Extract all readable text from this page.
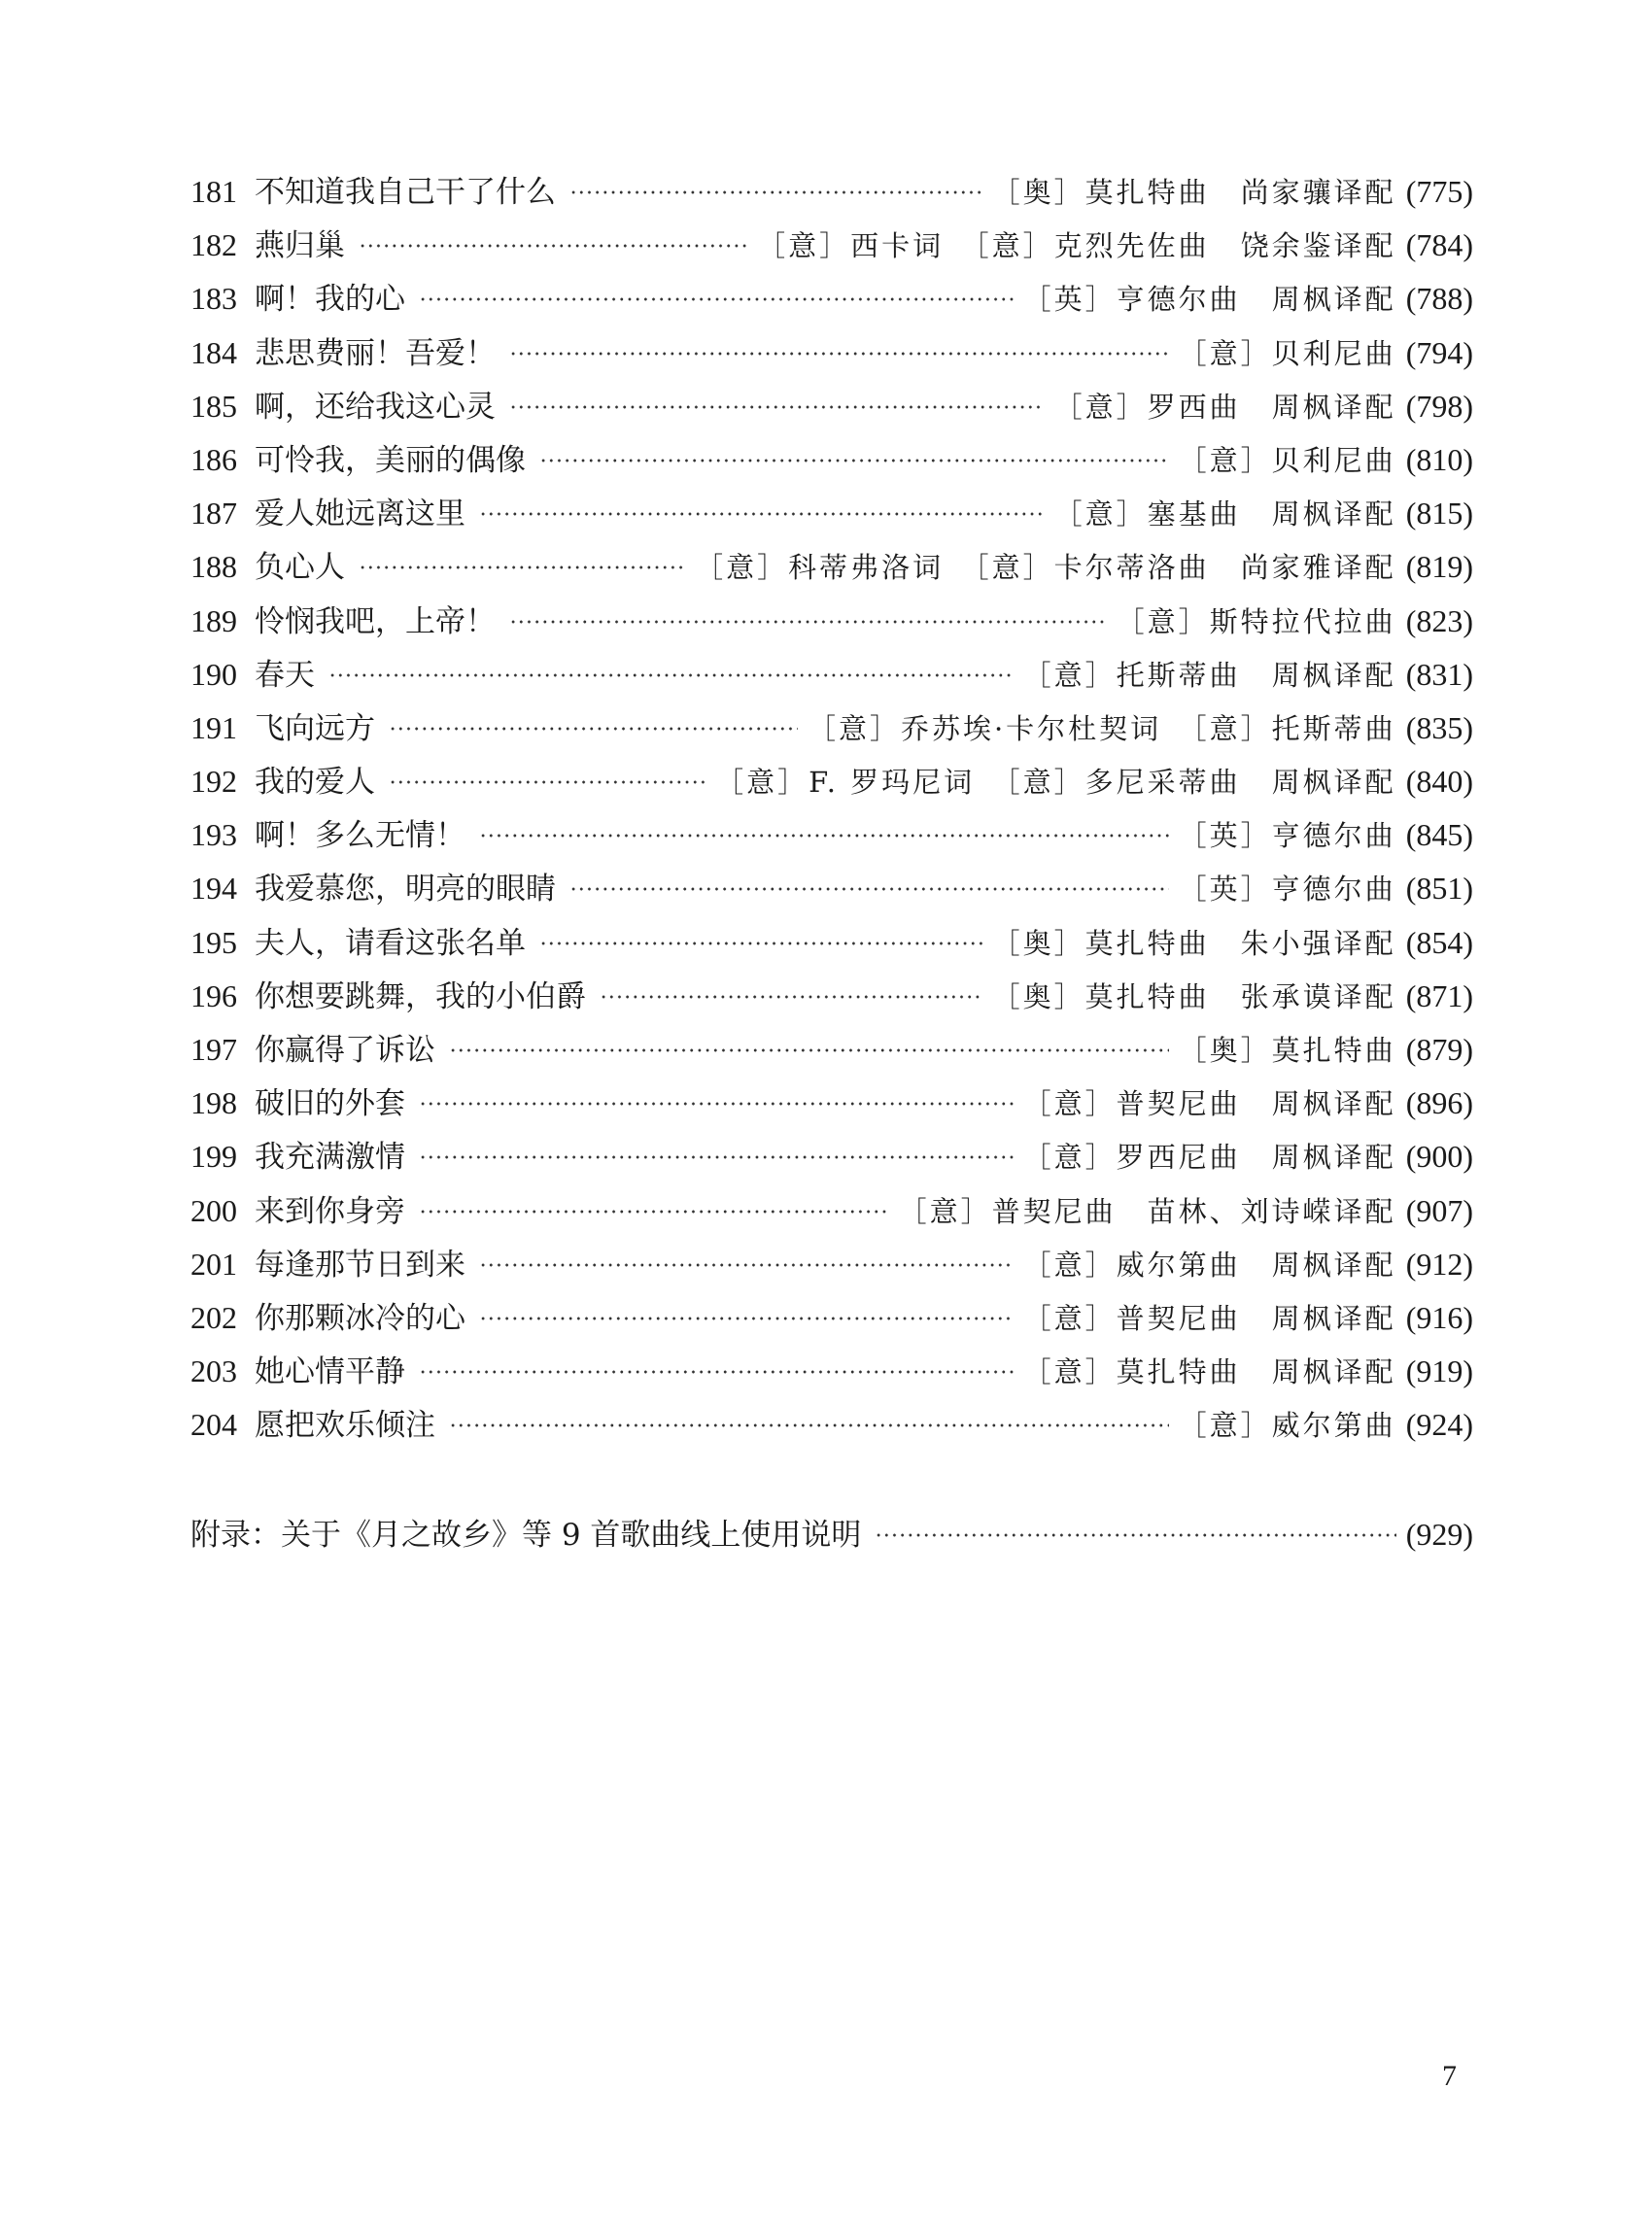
181 不知道我自己干了什么	［奥］莫扎特曲　尚家骧译配 (775)
182 燕归巢	［意］西卡词　［意］克烈先佐曲　饶余鉴译配 (784)
183 啊！我的心	［英］亨德尔曲　周枫译配 (788)
184 悲思费丽！吾爱！	［意］贝利尼曲 (794)
185 啊，还给我这心灵	［意］罗西曲　周枫译配 (798)
186 可怜我，美丽的偶像	［意］贝利尼曲 (810)
187 爱人她远离这里	［意］塞基曲　周枫译配 (815)
188 负心人	［意］科蒂弗洛词　［意］卡尔蒂洛曲　尚家雅译配 (819)
189 怜悯我吧，上帝！	［意］斯特拉代拉曲 (823)
190 春天	［意］托斯蒂曲　周枫译配 (831)
191 飞向远方	［意］乔苏埃·卡尔杜契词　［意］托斯蒂曲 (835)
192 我的爱人	［意］F. 罗玛尼词　［意］多尼采蒂曲　周枫译配 (840)
193 啊！多么无情！	［英］亨德尔曲 (845)
194 我爱慕您，明亮的眼睛	［英］亨德尔曲 (851)
195 夫人，请看这张名单	［奥］莫扎特曲　朱小强译配 (854)
196 你想要跳舞，我的小伯爵	［奥］莫扎特曲　张承谟译配 (871)
197 你赢得了诉讼	［奥］莫扎特曲 (879)
198 破旧的外套	［意］普契尼曲　周枫译配 (896)
199 我充满激情	［意］罗西尼曲　周枫译配 (900)
200 来到你身旁	［意］普契尼曲　苗林、刘诗嵘译配 (907)
201 每逢那节日到来	［意］威尔第曲　周枫译配 (912)
202 你那颗冰冷的心	［意］普契尼曲　周枫译配 (916)
203 她心情平静	［意］莫扎特曲　周枫译配 (919)
204 愿把欢乐倾注	［意］威尔第曲 (924)
附录：关于《月之故乡》等 9 首歌曲线上使用说明	(929)
7
